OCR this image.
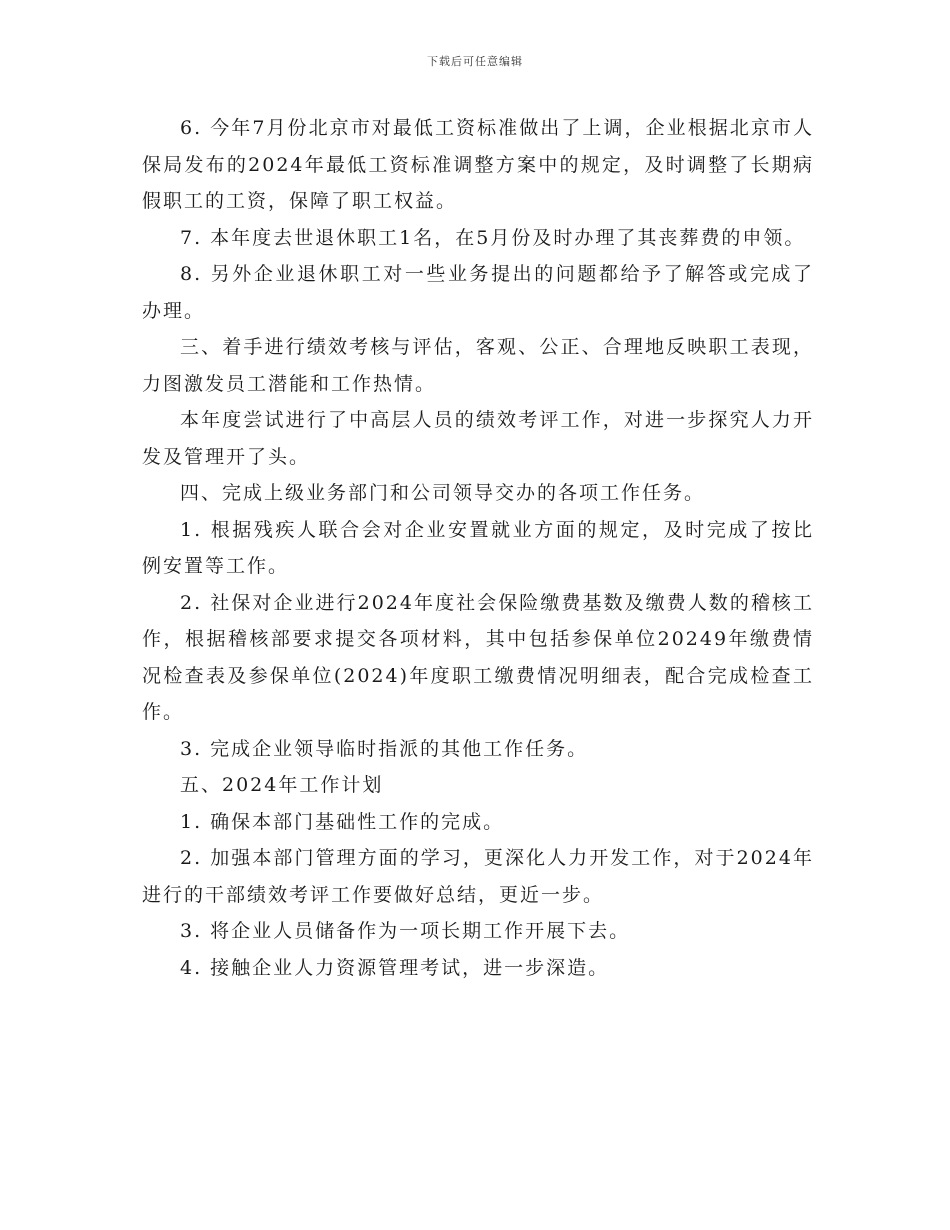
下载后可任意编辑

6. 今年7月份北京市对最低工资标准做出了上调，企业根据北京市人保局发布的2024年最低工资标准调整方案中的规定，及时调整了长期病假职工的工资，保障了职工权益。

7. 本年度去世退休职工1名，在5月份及时办理了其丧葬费的申领。

8. 另外企业退休职工对一些业务提出的问题都给予了解答或完成了办理。

三、着手进行绩效考核与评估，客观、公正、合理地反映职工表现，力图激发员工潜能和工作热情。

本年度尝试进行了中高层人员的绩效考评工作，对进一步探究人力开发及管理开了头。

四、完成上级业务部门和公司领导交办的各项工作任务。

1. 根据残疾人联合会对企业安置就业方面的规定，及时完成了按比例安置等工作。

2. 社保对企业进行2024年度社会保险缴费基数及缴费人数的稽核工作，根据稽核部要求提交各项材料，其中包括参保单位20249年缴费情况检查表及参保单位(2024)年度职工缴费情况明细表，配合完成检查工作。

3. 完成企业领导临时指派的其他工作任务。

五、2024年工作计划

1. 确保本部门基础性工作的完成。

2. 加强本部门管理方面的学习，更深化人力开发工作，对于2024年进行的干部绩效考评工作要做好总结，更近一步。

3. 将企业人员储备作为一项长期工作开展下去。

4. 接触企业人力资源管理考试，进一步深造。
